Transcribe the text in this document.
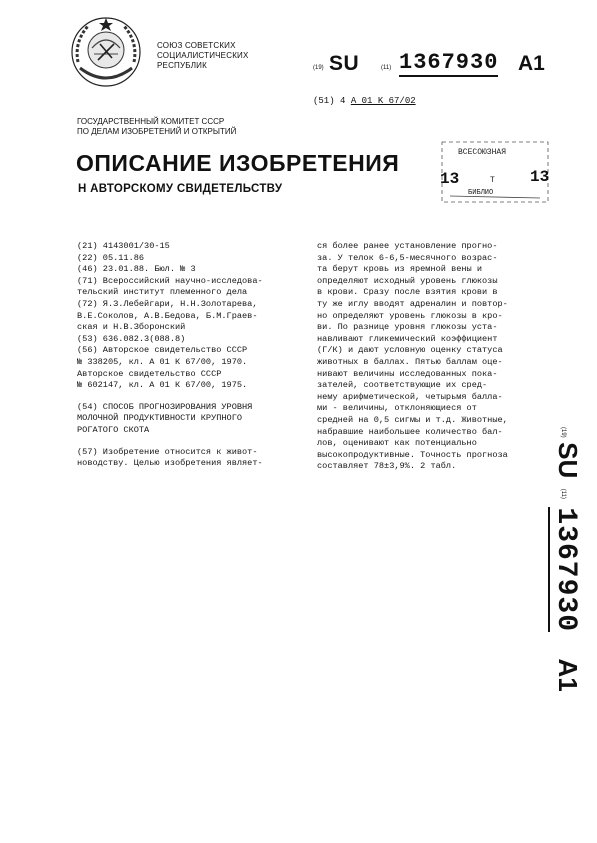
СОЮЗ СОВЕТСКИХ
СОЦИАЛИСТИЧЕСКИХ
РЕСПУБЛИК	(19) SU	(11) 1367930 A1
(51) 4 A 01 K 67/02
ГОСУДАРСТВЕННЫЙ КОМИТЕТ СССР
ПО ДЕЛАМ ИЗОБРЕТЕНИЙ И ОТКРЫТИЙ
ОПИСАНИЕ ИЗОБРЕТЕНИЯ
Н АВТОРСКОМУ СВИДЕТЕЛЬСТВУ
ВСЕСОЮЗНАЯ
13	Т 13
БИБЛИО

(21) 4143001/30-15

(22) 05.11.86

(46) 23.01.88. Бюл. № 3

(71) Всероссийский научно-исследова-

тельский институт племенного дела

(72) Я.З.Лебейгари, Н.Н.Золотарева,

В.Е.Соколов, А.В.Бедова, Б.М.Граев-

ская и Н.В.Зборонский

(53) 636.082.3(088.8)

(56) Авторское свидетельство СССР

№ 338205, кл. А 01 К 67/00, 1970.

Авторское свидетельство СССР

№ 602147, кл. А 01 К 67/00, 1975.

(54) СПОСОБ ПРОГНОЗИРОВАНИЯ УРОВНЯ

МОЛОЧНОЙ ПРОДУКТИВНОСТИ КРУПНОГО

РОГАТОГО СКОТА

(57) Изобретение относится к живот-

новодству. Целью изобретения являет-

ся более ранее установление прогно-

за. У телок 6-6,5-месячного возрас-

та берут кровь из яремной вены и

определяют исходный уровень глюкозы

в крови. Сразу после взятия крови в

ту же иглу вводят адреналин и повтор-

но определяют уровень глюкозы в кро-

ви. По разнице уровня глюкозы уста-

навливают гликемический коэффициент

(Г/К) и дают условную оценку статуса

животных в баллах. Пятью баллам оце-

нивают величины исследованных пока-

зателей, соответствующие их сред-

нему арифметической, четырьмя балла-

ми - величины, отклоняющиеся от

средней на 0,5 сигмы и т.д. Животные,

набравшие наибольшее количество бал-

лов, оценивают как потенциально

высокопродуктивные. Точность прогноза

составляет 78±3,9%. 2 табл.

(19) SU (11) 1367930 A1
